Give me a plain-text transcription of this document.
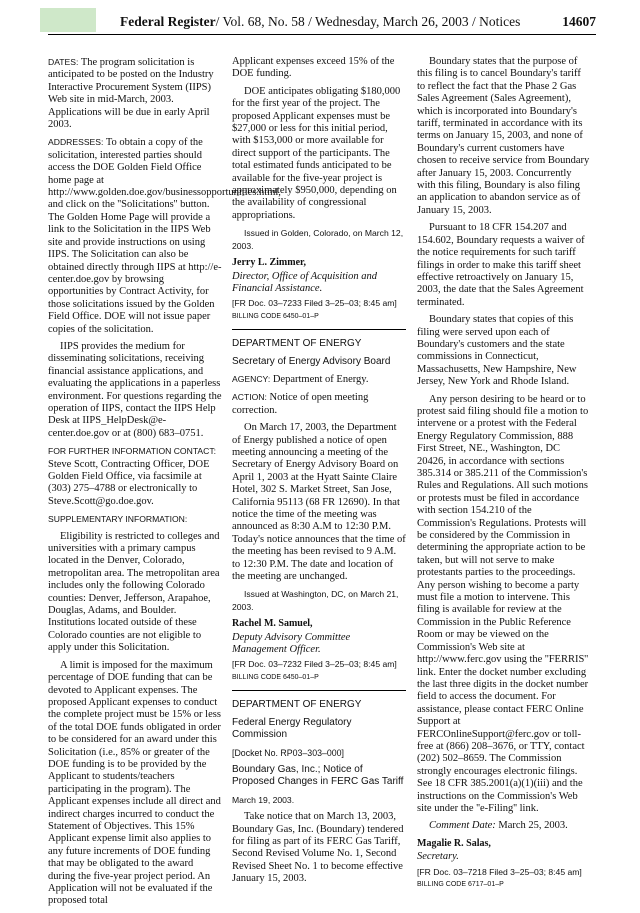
Federal Register/ Vol. 68, No. 58 / Wednesday, March 26, 2003 / Notices	14607

DATES: The program solicitation is anticipated to be posted on the Industry Interactive Procurement System (IIPS) Web site in mid-March, 2003. Applications will be due in early April 2003.

ADDRESSES: To obtain a copy of the solicitation, interested parties should access the DOE Golden Field Office home page at http://www.golden.doe.gov/businessopportunities.html, and click on the ''Solicitations'' button. The Golden Home Page will provide a link to the Solicitation in the IIPS Web site and provide instructions on using IIPS. The Solicitation can also be obtained directly through IIPS at http://e-center.doe.gov by browsing opportunities by Contract Activity, for those solicitations issued by the Golden Field Office. DOE will not issue paper copies of the solicitation.

IIPS provides the medium for disseminating solicitations, receiving financial assistance applications, and evaluating the applications in a paperless environment. For questions regarding the operation of IIPS, contact the IIPS Help Desk at IIPS_HelpDesk@e-center.doe.gov or at (800) 683–0751.

FOR FURTHER INFORMATION CONTACT:
Steve Scott, Contracting Officer, DOE Golden Field Office, via facsimile at (303) 275–4788 or electronically to Steve.Scott@go.doe.gov.

SUPPLEMENTARY INFORMATION:

Eligibility is restricted to colleges and universities with a primary campus located in the Denver, Colorado, metropolitan area. The metropolitan area includes only the following Colorado counties: Denver, Jefferson, Arapahoe, Douglas, Adams, and Boulder. Institutions located outside of these Colorado counties are not eligible to apply under this Solicitation.

A limit is imposed for the maximum percentage of DOE funding that can be devoted to Applicant expenses. The proposed Applicant expenses to conduct the complete project must be 15% or less of the total DOE funds obligated in order to be considered for an award under this Solicitation (i.e., 85% or greater of the DOE funding is to be provided by the Applicant to students/teachers participating in the program). The Applicant expenses include all direct and indirect charges incurred to conduct the Statement of Objectives. This 15% Applicant expense limit also applies to any future increments of DOE funding that may be obligated to the award during the five-year project period. An Application will not be evaluated if the proposed total

Applicant expenses exceed 15% of the DOE funding.

DOE anticipates obligating $180,000 for the first year of the project. The proposed Applicant expenses must be $27,000 or less for this initial period, with $153,000 or more available for direct support of the participants. The total estimated funds anticipated to be available for the five-year project is approximately $950,000, depending on the availability of congressional appropriations.

Issued in Golden, Colorado, on March 12, 2003.

Jerry L. Zimmer,

Director, Office of Acquisition and Financial Assistance.

[FR Doc. 03–7233 Filed 3–25–03; 8:45 am]

BILLING CODE 6450–01–P

DEPARTMENT OF ENERGY

Secretary of Energy Advisory Board

AGENCY: Department of Energy.

ACTION: Notice of open meeting correction.

On March 17, 2003, the Department of Energy published a notice of open meeting announcing a meeting of the Secretary of Energy Advisory Board on April 1, 2003 at the Hyatt Sainte Claire Hotel, 302 S. Market Street, San Jose, California 95113 (68 FR 12690). In that notice the time of the meeting was announced as 8:30 A.M to 12:30 P.M. Today's notice announces that the time of the meeting has been revised to 9 A.M. to 12:30 P.M. The date and location of the meeting are unchanged.

Issued at Washington, DC, on March 21, 2003.

Rachel M. Samuel,

Deputy Advisory Committee Management Officer.

[FR Doc. 03–7232 Filed 3–25–03; 8:45 am]

BILLING CODE 6450–01–P

DEPARTMENT OF ENERGY

Federal Energy Regulatory Commission

[Docket No. RP03–303–000]

Boundary Gas, Inc.; Notice of Proposed Changes in FERC Gas Tariff

March 19, 2003.

Take notice that on March 13, 2003, Boundary Gas, Inc. (Boundary) tendered for filing as part of its FERC Gas Tariff, Second Revised Volume No. 1, Second Revised Sheet No. 1 to become effective January 15, 2003.

Boundary states that the purpose of this filing is to cancel Boundary's tariff to reflect the fact that the Phase 2 Gas Sales Agreement (Sales Agreement), which is incorporated into Boundary's tariff, terminated in accordance with its terms on January 15, 2003, and none of Boundary's current customers have chosen to receive service from Boundary after January 15, 2003. Concurrently with this filing, Boundary is also filing an application to abandon service as of January 15, 2003.

Pursuant to 18 CFR 154.207 and 154.602, Boundary requests a waiver of the notice requirements for such tariff filings in order to make this tariff sheet effective retroactively on January 15, 2003, the date that the Sales Agreement terminated.

Boundary states that copies of this filing were served upon each of Boundary's customers and the state commissions in Connecticut, Massachusetts, New Hampshire, New Jersey, New York and Rhode Island.

Any person desiring to be heard or to protest said filing should file a motion to intervene or a protest with the Federal Energy Regulatory Commission, 888 First Street, NE., Washington, DC 20426, in accordance with sections 385.314 or 385.211 of the Commission's Rules and Regulations. All such motions or protests must be filed in accordance with section 154.210 of the Commission's Regulations. Protests will be considered by the Commission in determining the appropriate action to be taken, but will not serve to make protestants parties to the proceedings. Any person wishing to become a party must file a motion to intervene. This filing is available for review at the Commission in the Public Reference Room or may be viewed on the Commission's Web site at http://www.ferc.gov using the ''FERRIS'' link. Enter the docket number excluding the last three digits in the docket number field to access the document. For assistance, please contact FERC Online Support at FERCOnlineSupport@ferc.gov or toll-free at (866) 208–3676, or TTY, contact (202) 502–8659. The Commission strongly encourages electronic filings. See 18 CFR 385.2001(a)(1)(iii) and the instructions on the Commission's Web site under the ''e-Filing'' link.

Comment Date: March 25, 2003.

Magalie R. Salas,

Secretary.

[FR Doc. 03–7218 Filed 3–25–03; 8:45 am]

BILLING CODE 6717–01–P
